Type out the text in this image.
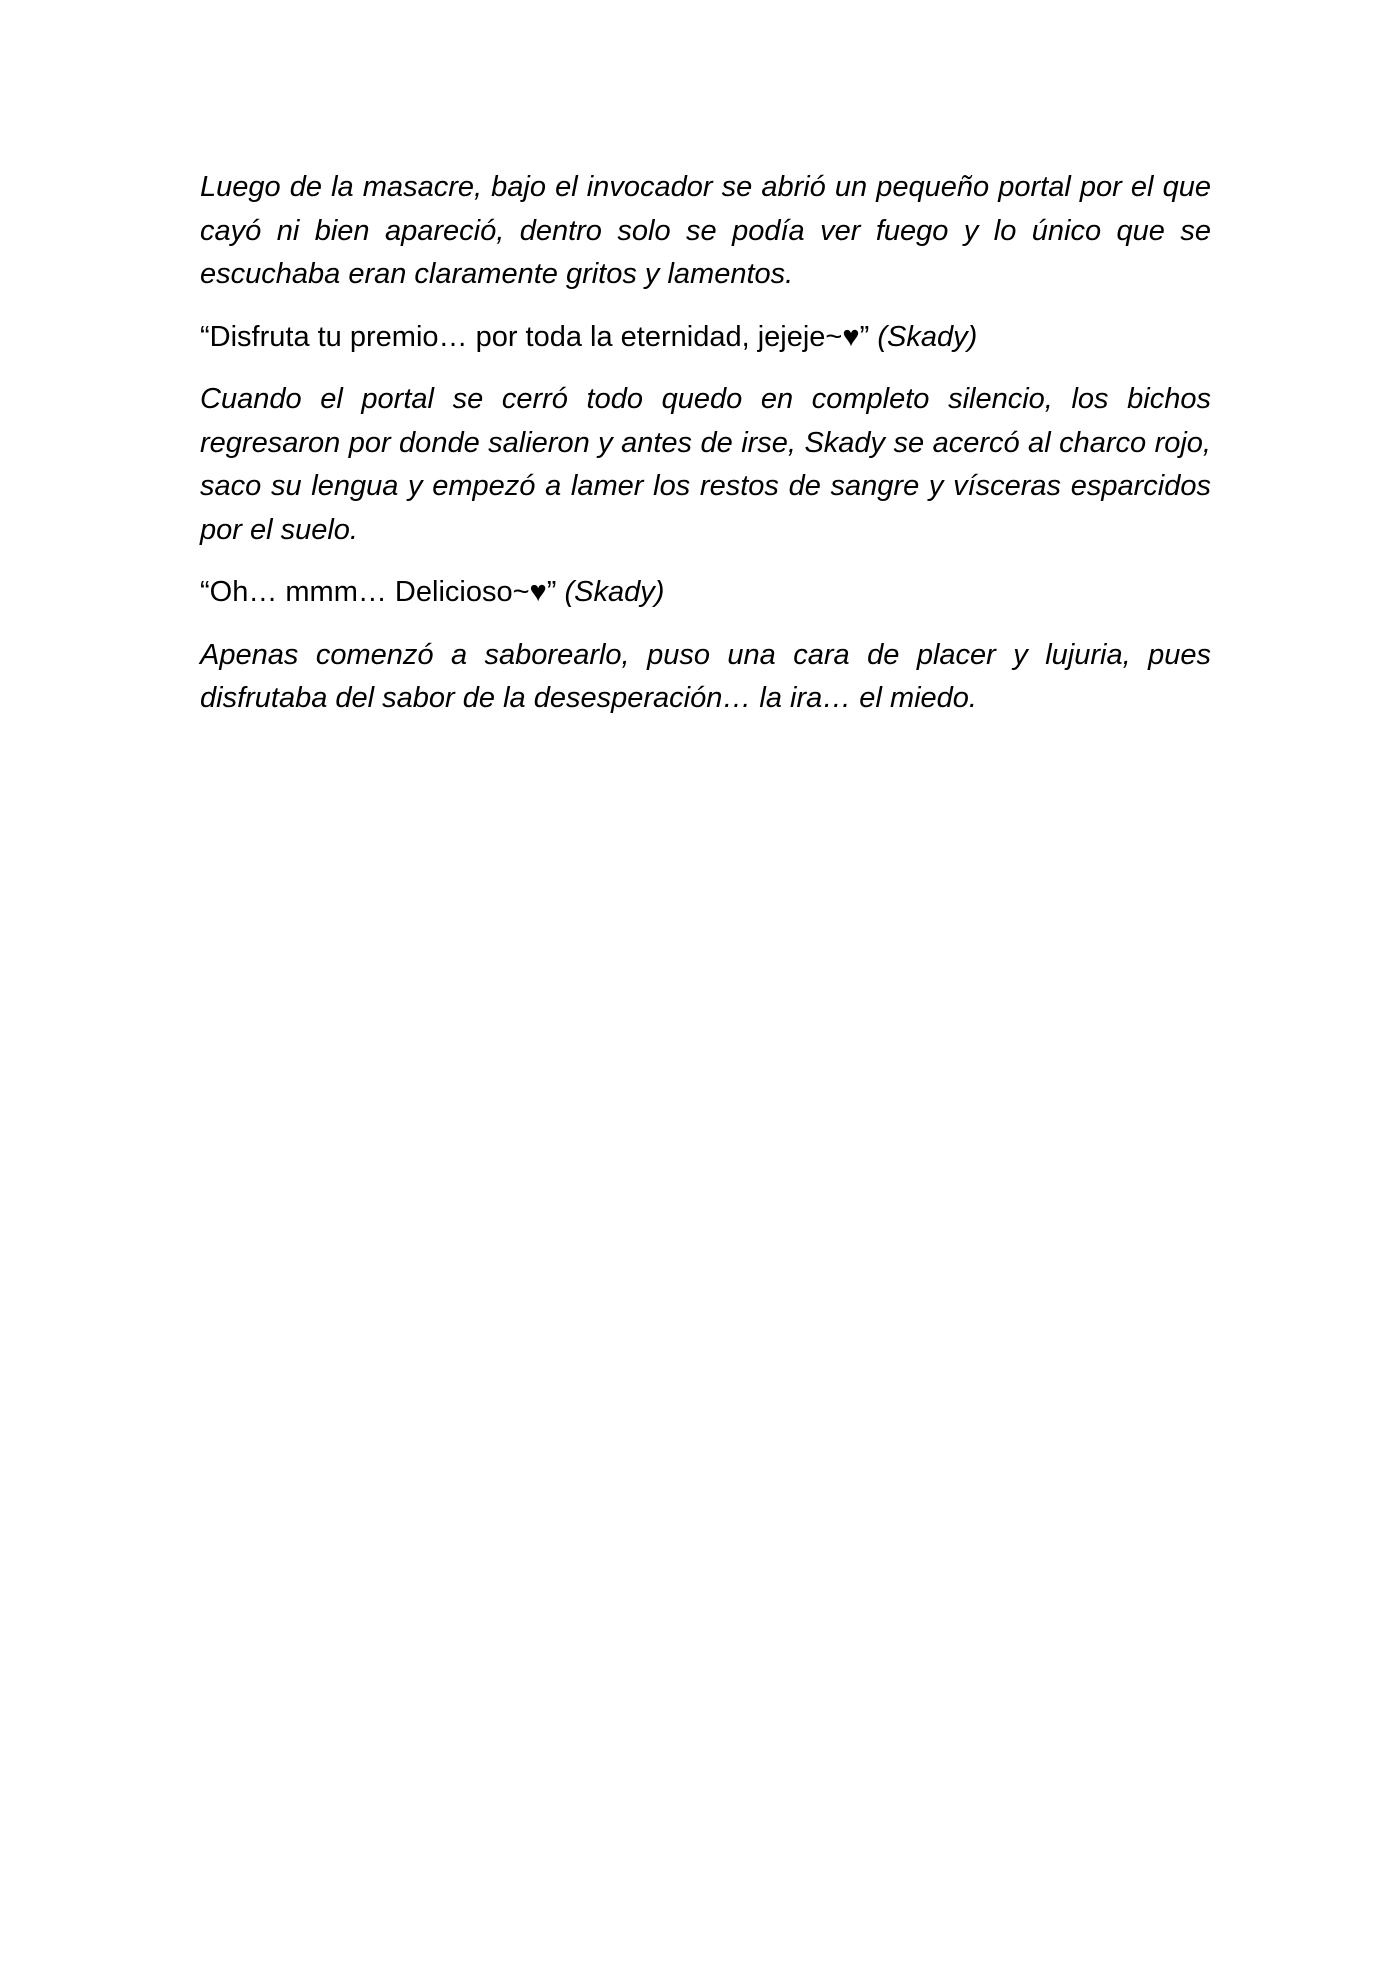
Luego de la masacre, bajo el invocador se abrió un pequeño portal por el que cayó ni bien apareció, dentro solo se podía ver fuego y lo único que se escuchaba eran claramente gritos y lamentos.

“Disfruta tu premio… por toda la eternidad, jejeje~♥” (Skady)

Cuando el portal se cerró todo quedo en completo silencio, los bichos regresaron por donde salieron y antes de irse, Skady se acercó al charco rojo, saco su lengua y empezó a lamer los restos de sangre y vísceras esparcidos por el suelo.

“Oh… mmm… Delicioso~♥” (Skady)

Apenas comenzó a saborearlo, puso una cara de placer y lujuria, pues disfrutaba del sabor de la desesperación… la ira… el miedo.
